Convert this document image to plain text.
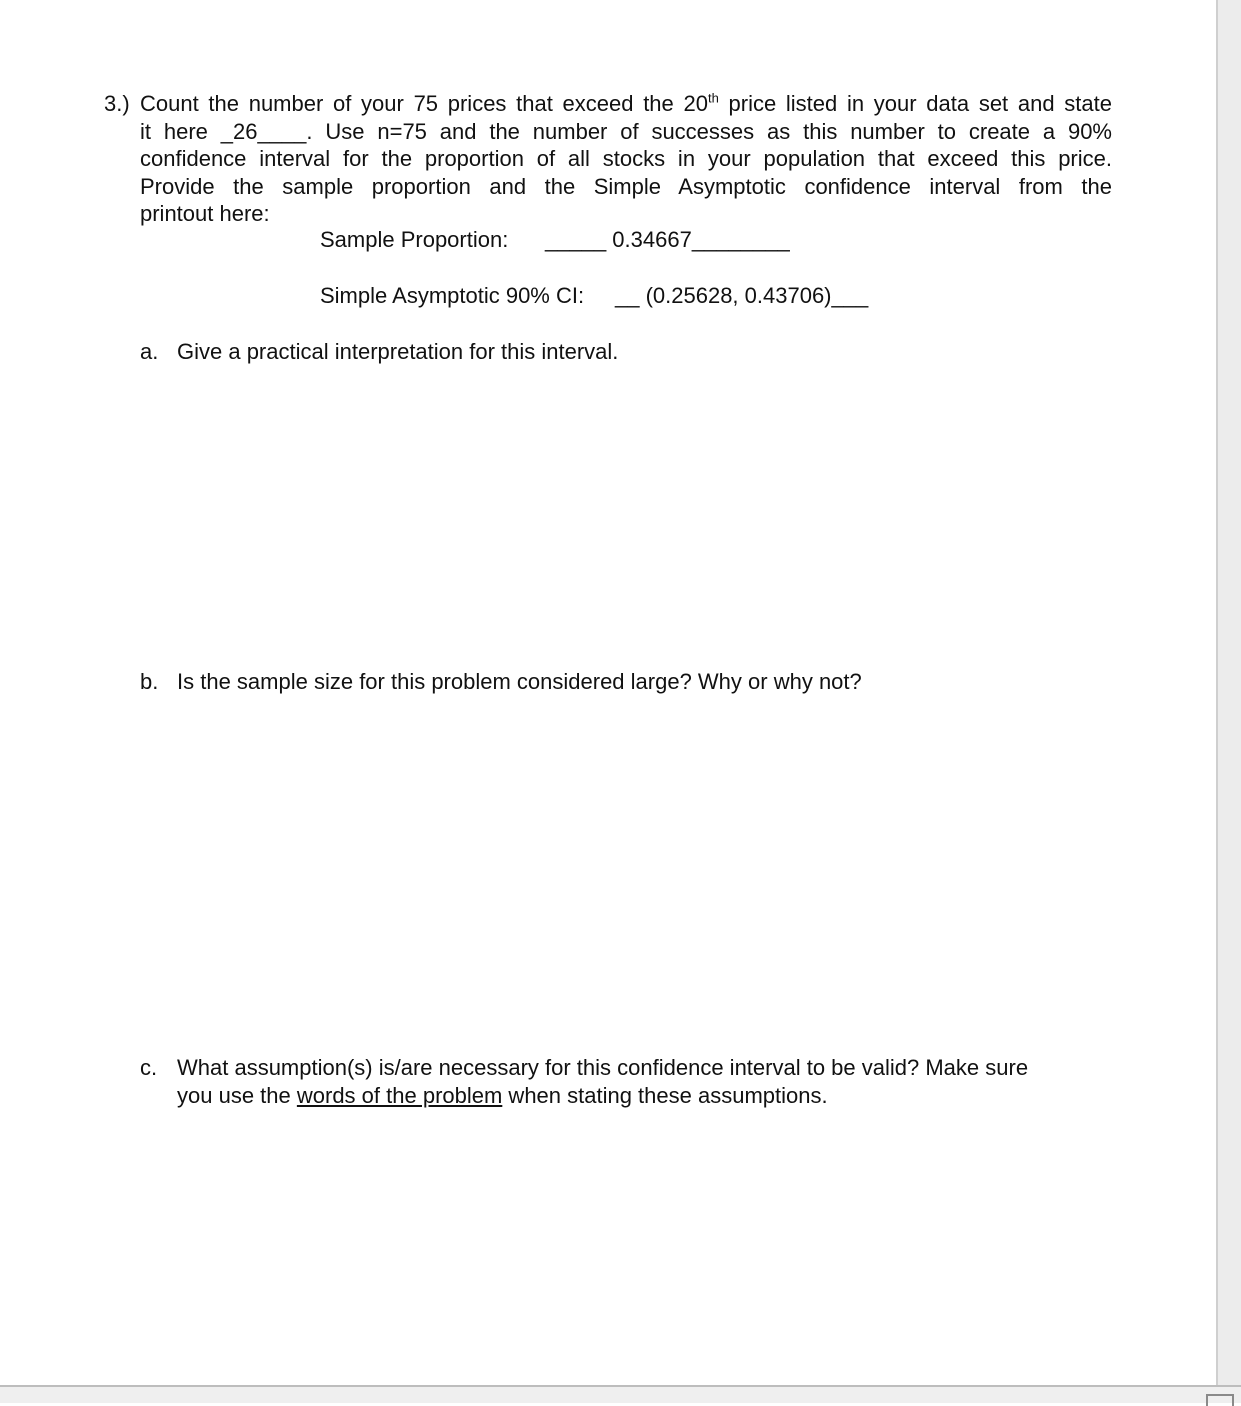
3.) Count the number of your 75 prices that exceed the 20th price listed in your data set and state
it here _26____. Use n=75 and the number of successes as this number to create a 90%
confidence interval for the proportion of all stocks in your population that exceed this price.
Provide the sample proportion and the Simple Asymptotic confidence interval from the
printout here:
Sample Proportion: _____ 0.34667________
Simple Asymptotic 90% CI: __ (0.25628, 0.43706)___
a. Give a practical interpretation for this interval.
b. Is the sample size for this problem considered large? Why or why not?
c. What assumption(s) is/are necessary for this confidence interval to be valid? Make sure
you use the words of the problem when stating these assumptions.
